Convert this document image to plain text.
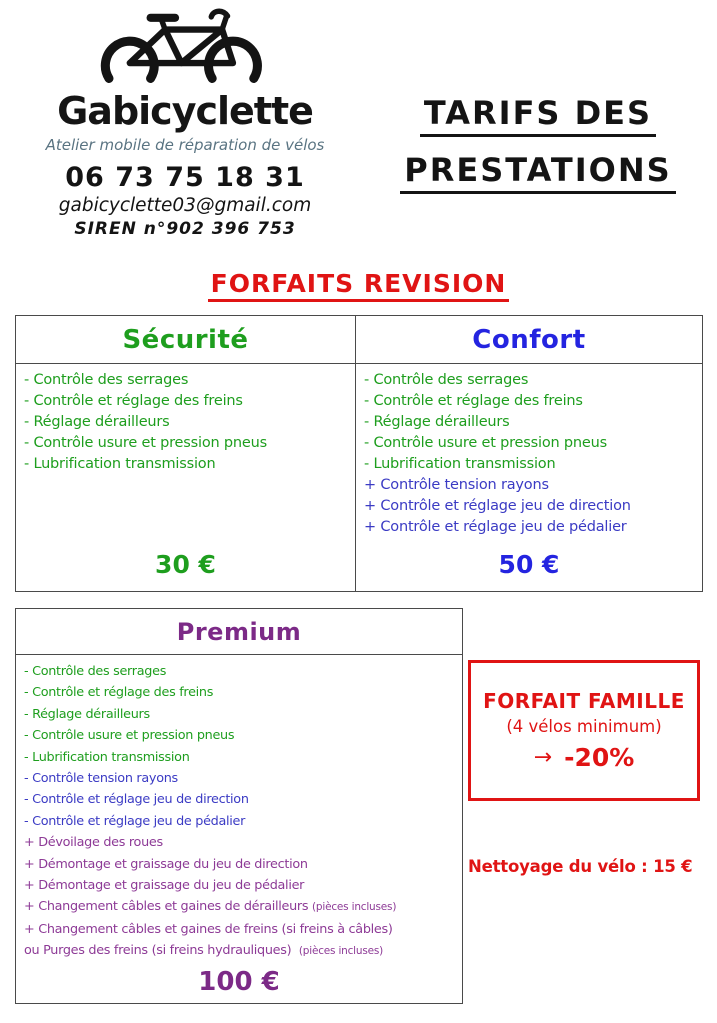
Gabicyclette
Atelier mobile de réparation de vélos
06 73 75 18 31
gabicyclette03@gmail.com
SIREN n°902 396 753
TARIFS DES
PRESTATIONS
FORFAITS REVISION
Sécurité
- Contrôle des serrages
- Contrôle et réglage des freins
- Réglage dérailleurs
- Contrôle usure et pression pneus
- Lubrification transmission
30 €
Confort
- Contrôle des serrages
- Contrôle et réglage des freins
- Réglage dérailleurs
- Contrôle usure et pression pneus
- Lubrification transmission
+ Contrôle tension rayons
+ Contrôle et réglage jeu de direction
+ Contrôle et réglage jeu de pédalier
50 €
Premium
- Contrôle des serrages
- Contrôle et réglage des freins
- Réglage dérailleurs
- Contrôle usure et pression pneus
- Lubrification transmission
- Contrôle tension rayons
- Contrôle et réglage jeu de direction
- Contrôle et réglage jeu de pédalier
+ Dévoilage des roues
+ Démontage et graissage du jeu de direction
+ Démontage et graissage du jeu de pédalier
+ Changement câbles et gaines de dérailleurs (pièces incluses)
+ Changement câbles et gaines de freins (si freins à câbles)
ou Purges des freins (si freins hydrauliques) (pièces incluses)
100 €
FORFAIT FAMILLE
(4 vélos minimum)
→ -20%
Nettoyage du vélo : 15 €
